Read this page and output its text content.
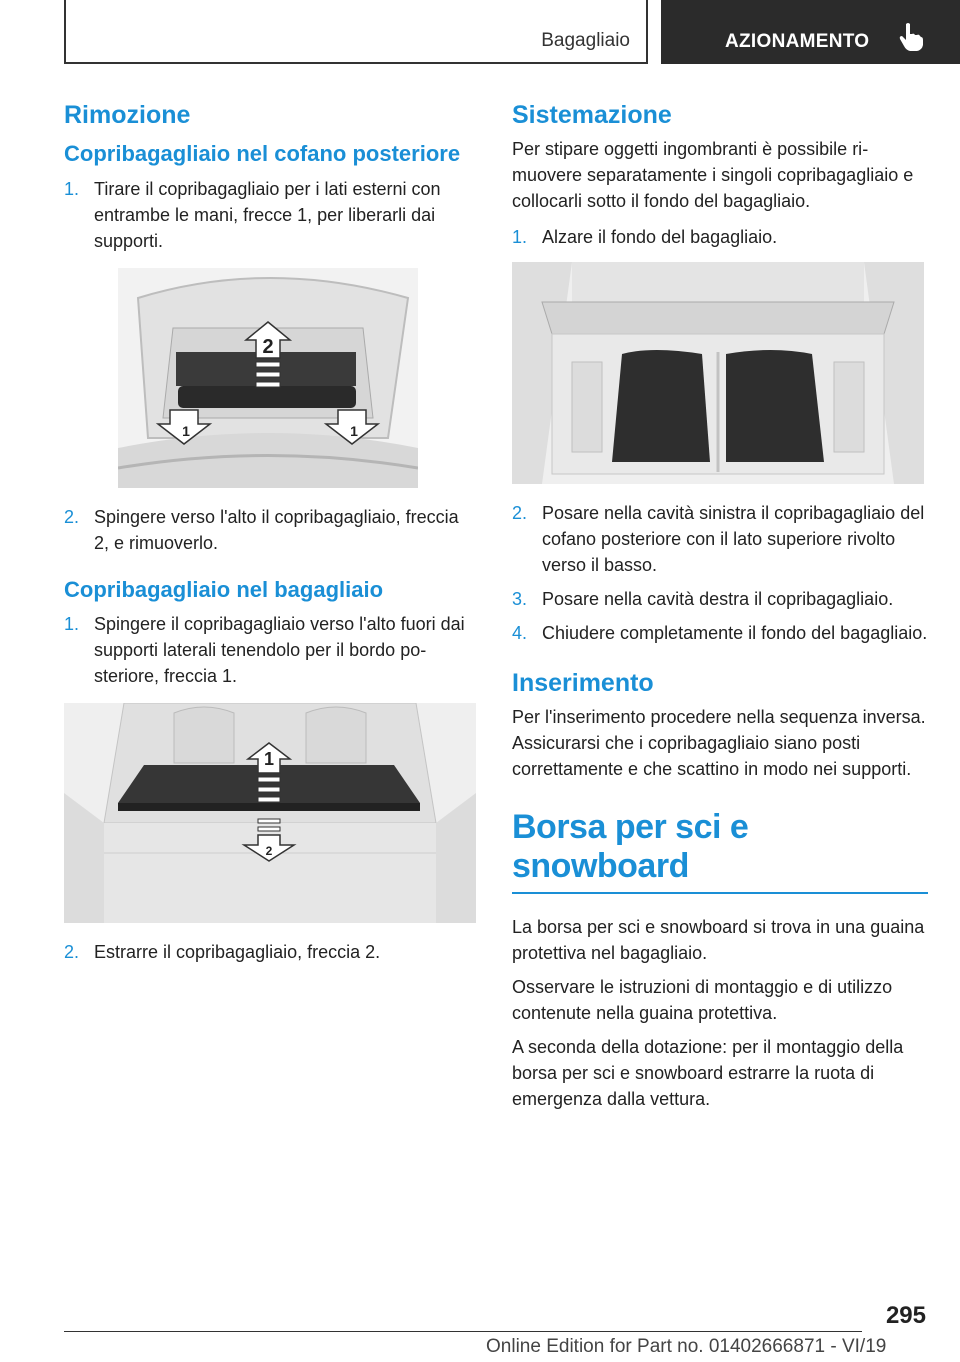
Bagagliaio	AZIONAMENTO
Rimozione
Copribagagliaio nel cofano posteriore
1. Tirare il copribagagliaio per i lati esterni con entrambe le mani, frecce 1, per liberarli dai supporti.
2
1	1
2. Spingere verso l'alto il copribagagliaio, freccia 2, e rimuoverlo.
Copribagagliaio nel bagagliaio
1. Spingere il copribagagliaio verso l'alto fuori dai supporti laterali tenendolo per il bordo posteriore, freccia 1.
1
2
2. Estrarre il copribagagliaio, freccia 2.
Sistemazione

Per stipare oggetti ingombranti è possibile rimuovere separatamente i singoli copribagagliaio e collocarli sotto il fondo del bagagliaio.

1. Alzare il fondo del bagagliaio.
2. Posare nella cavità sinistra il copribagagliaio del cofano posteriore con il lato superiore rivolto verso il basso.
3. Posare nella cavità destra il copribagagliaio.
4. Chiudere completamente il fondo del bagagliaio.
Inserimento

Per l'inserimento procedere nella sequenza inversa. Assicurarsi che i copribagagliaio siano posti correttamente e che scattino in modo nei supporti.

Borsa per sci e snowboard

La borsa per sci e snowboard si trova in una guaina protettiva nel bagagliaio.

Osservare le istruzioni di montaggio e di utilizzo contenute nella guaina protettiva.

A seconda della dotazione: per il montaggio della borsa per sci e snowboard estrarre la ruota di emergenza dalla vettura.

295
Online Edition for Part no. 01402666871 - VI/19
